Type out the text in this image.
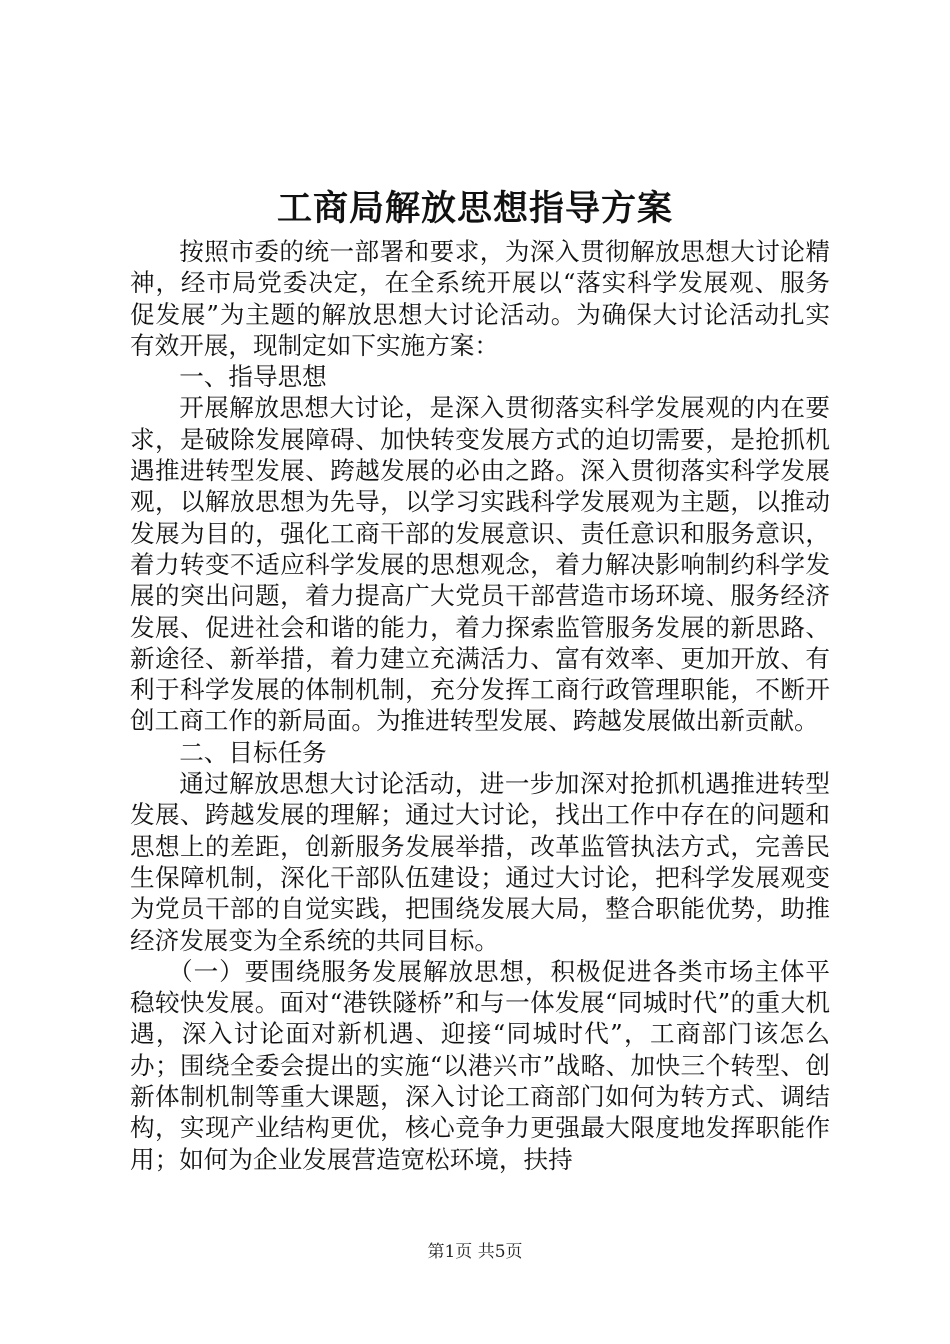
工商局解放思想指导方案

按照市委的统一部署和要求，为深入贯彻解放思想大讨论精神，经市局党委决定，在全系统开展以“落实科学发展观、服务促发展”为主题的解放思想大讨论活动。为确保大讨论活动扎实有效开展，现制定如下实施方案：

一、指导思想

开展解放思想大讨论，是深入贯彻落实科学发展观的内在要求，是破除发展障碍、加快转变发展方式的迫切需要，是抢抓机遇推进转型发展、跨越发展的必由之路。深入贯彻落实科学发展观，以解放思想为先导，以学习实践科学发展观为主题，以推动发展为目的，强化工商干部的发展意识、责任意识和服务意识，着力转变不适应科学发展的思想观念，着力解决影响制约科学发展的突出问题，着力提高广大党员干部营造市场环境、服务经济发展、促进社会和谐的能力，着力探索监管服务发展的新思路、新途径、新举措，着力建立充满活力、富有效率、更加开放、有利于科学发展的体制机制，充分发挥工商行政管理职能，不断开创工商工作的新局面。为推进转型发展、跨越发展做出新贡献。

二、目标任务

通过解放思想大讨论活动，进一步加深对抢抓机遇推进转型发展、跨越发展的理解；通过大讨论，找出工作中存在的问题和思想上的差距，创新服务发展举措，改革监管执法方式，完善民生保障机制，深化干部队伍建设；通过大讨论，把科学发展观变为党员干部的自觉实践，把围绕发展大局，整合职能优势，助推经济发展变为全系统的共同目标。

（一）要围绕服务发展解放思想，积极促进各类市场主体平稳较快发展。面对“港铁隧桥”和与一体发展“同城时代”的重大机遇，深入讨论面对新机遇、迎接“同城时代”，工商部门该怎么办；围绕全委会提出的实施“以港兴市”战略、加快三个转型、创新体制机制等重大课题，深入讨论工商部门如何为转方式、调结构，实现产业结构更优，核心竞争力更强最大限度地发挥职能作用；如何为企业发展营造宽松环境，扶持

第1页 共5页
